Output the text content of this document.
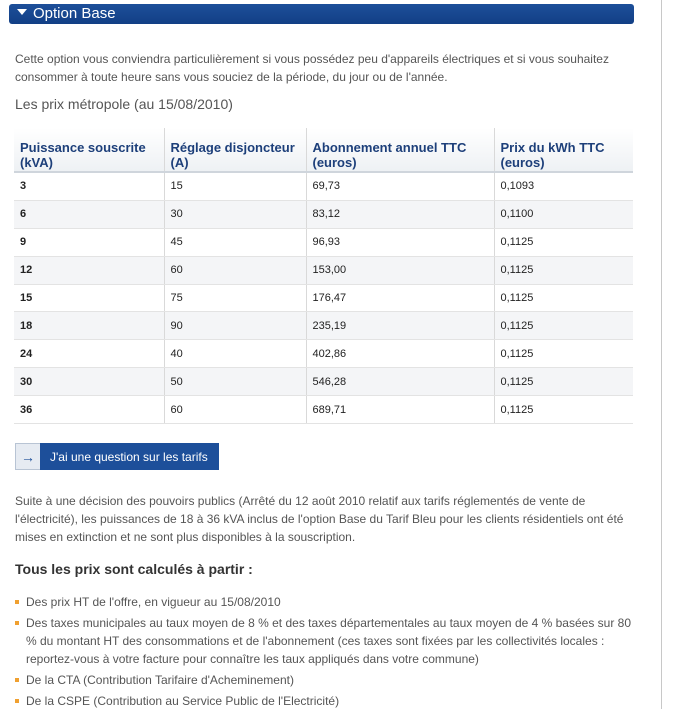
Option Base
Cette option vous conviendra particulièrement si vous possédez peu d'appareils électriques et si vous souhaitez consommer à toute heure sans vous souciez de la période, du jour ou de l'année.
Les prix métropole (au 15/08/2010)
Puissance souscrite (kVA)	Réglage disjoncteur (A)	Abonnement annuel TTC (euros)	Prix du kWh TTC (euros)
3	15	69,73	0,1093
6	30	83,12	0,1100
9	45	96,93	0,1125
12	60	153,00	0,1125
15	75	176,47	0,1125
18	90	235,19	0,1125
24	40	402,86	0,1125
30	50	546,28	0,1125
36	60	689,71	0,1125
→	J'ai une question sur les tarifs
Suite à une décision des pouvoirs publics (Arrêté du 12 août 2010 relatif aux tarifs réglementés de vente de l'électricité), les puissances de 18 à 36 kVA inclus de l'option Base du Tarif Bleu pour les clients résidentiels ont été mises en extinction et ne sont plus disponibles à la souscription.
Tous les prix sont calculés à partir :
Des prix HT de l'offre, en vigueur au 15/08/2010
Des taxes municipales au taux moyen de 8 % et des taxes départementales au taux moyen de 4 % basées sur 80 % du montant HT des consommations et de l'abonnement (ces taxes sont fixées par les collectivités locales : reportez-vous à votre facture pour connaître les taux appliqués dans votre commune)
De la CTA (Contribution Tarifaire d'Acheminement)
De la CSPE (Contribution au Service Public de l'Electricité)
